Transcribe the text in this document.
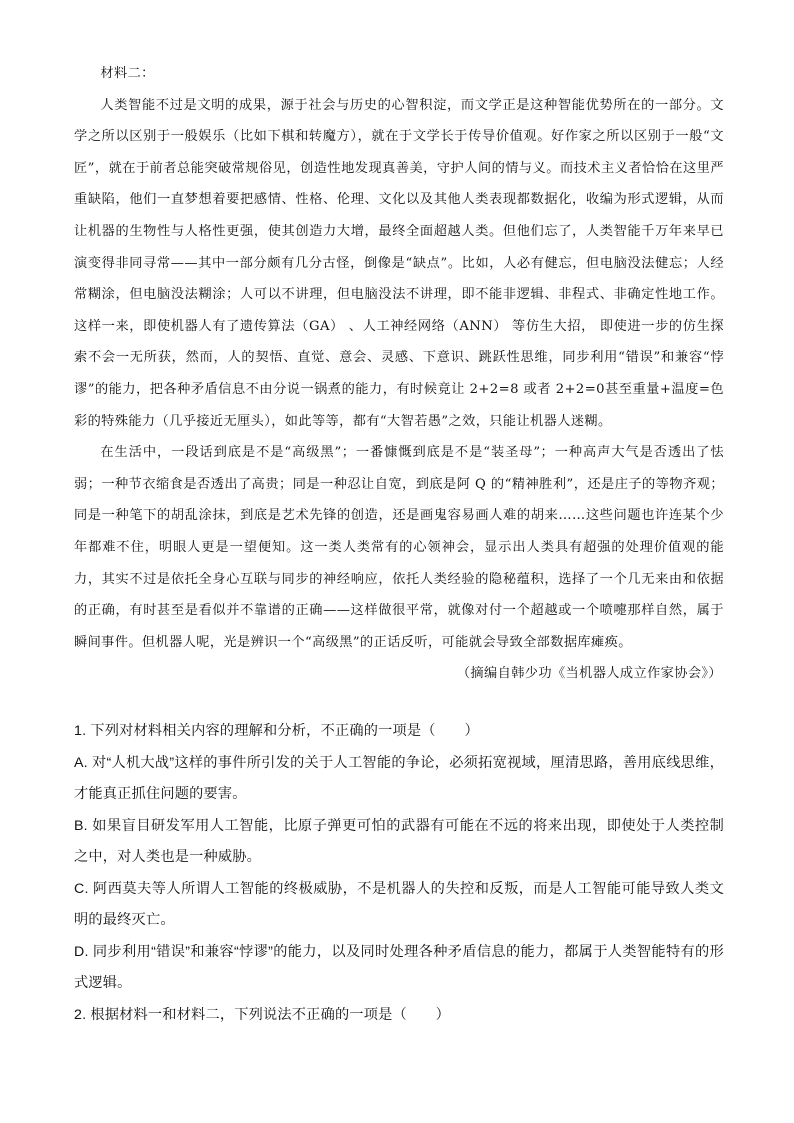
材料二：

人类智能不过是文明的成果，源于社会与历史的心智积淀，而文学正是这种智能优势所在的一部分。文学之所以区别于一般娱乐（比如下棋和转魔方），就在于文学长于传导价值观。好作家之所以区别于一般“文匠”，就在于前者总能突破常规俗见，创造性地发现真善美，守护人间的情与义。而技术主义者恰恰在这里严重缺陷，他们一直梦想着要把感情、性格、伦理、文化以及其他人类表现都数据化，收编为形式逻辑，从而让机器的生物性与人格性更强，使其创造力大增，最终全面超越人类。但他们忘了，人类智能千万年来早已演变得非同寻常——其中一部分颇有几分古怪，倒像是“缺点”。比如，人必有健忘，但电脑没法健忘；人经常糊涂，但电脑没法糊涂；人可以不讲理，但电脑没法不讲理，即不能非逻辑、非程式、非确定性地工作。这样一来，即使机器人有了遗传算法（GA） 、人工神经网络（ANN） 等仿生大招， 即使进一步的仿生探索不会一无所获，然而，人的契悟、直觉、意会、灵感、下意识、跳跃性思维，同步利用“错误”和兼容“悖谬”的能力，把各种矛盾信息不由分说一锅煮的能力，有时候竟让 2+2=8 或者 2+2=0甚至重量+温度=色彩的特殊能力（几乎接近无厘头），如此等等，都有“大智若愚”之效，只能让机器人迷糊。

在生活中，一段话到底是不是“高级黑”；一番慷慨到底是不是“装圣母”；一种高声大气是否透出了怯弱；一种节衣缩食是否透出了高贵；同是一种忍让自宽，到底是阿 Q 的“精神胜利”，还是庄子的等物齐观；同是一种笔下的胡乱涂抹，到底是艺术先锋的创造，还是画鬼容易画人难的胡来……这些问题也许连某个少年都难不住，明眼人更是一望便知。这一类人类常有的心领神会，显示出人类具有超强的处理价值观的能力，其实不过是依托全身心互联与同步的神经响应，依托人类经验的隐秘蕴积，选择了一个几无来由和依据的正确，有时甚至是看似并不靠谱的正确——这样做很平常，就像对付一个超越或一个喷嚏那样自然，属于瞬间事件。但机器人呢，光是辨识一个“高级黑”的正话反听，可能就会导致全部数据库瘫痪。

（摘编自韩少功《当机器人成立作家协会》）

1. 下列对材料相关内容的理解和分析，不正确的一项是（　　）

A. 对“人机大战”这样的事件所引发的关于人工智能的争论，必须拓宽视域，厘清思路，善用底线思维，才能真正抓住问题的要害。

B. 如果盲目研发军用人工智能，比原子弹更可怕的武器有可能在不远的将来出现，即使处于人类控制之中，对人类也是一种威胁。

C. 阿西莫夫等人所谓人工智能的终极威胁，不是机器人的失控和反叛，而是人工智能可能导致人类文明的最终灭亡。

D. 同步利用“错误”和兼容“悖谬”的能力，以及同时处理各种矛盾信息的能力，都属于人类智能特有的形式逻辑。

2. 根据材料一和材料二，下列说法不正确的一项是（　　）
